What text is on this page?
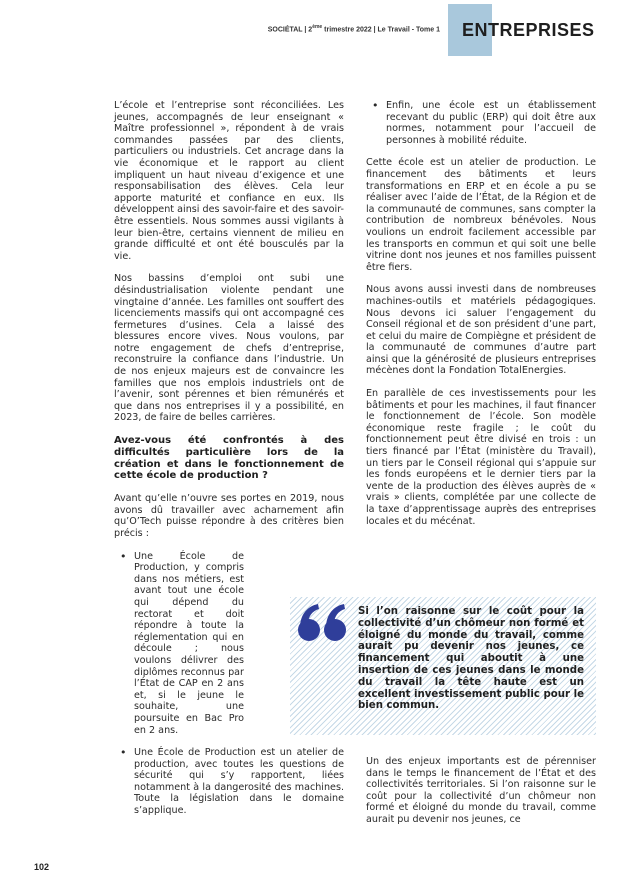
SOCIÉTAL | 2ème trimestre 2022 | Le Travail - Tome 1 ENTREPRISES

L’école et l’entreprise sont réconciliées. Les jeunes, accompagnés de leur enseignant « Maître professionnel », répondent à de vrais commandes passées par des clients, particuliers ou industriels. Cet ancrage dans la vie économique et le rapport au client impliquent un haut niveau d’exigence et une responsabilisation des élèves. Cela leur apporte maturité et confiance en eux. Ils développent ainsi des savoir-faire et des savoir-être essentiels. Nous sommes aussi vigilants à leur bien-être, certains viennent de milieu en grande difficulté et ont été bousculés par la vie.

Nos bassins d’emploi ont subi une désindustrialisation violente pendant une vingtaine d’année. Les familles ont souffert des licenciements massifs qui ont accompagné ces fermetures d’usines. Cela a laissé des blessures encore vives. Nous voulons, par notre engagement de chefs d’entreprise, reconstruire la confiance dans l’industrie. Un de nos enjeux majeurs est de convaincre les familles que nos emplois industriels ont de l’avenir, sont pérennes et bien rémunérés et que dans nos entreprises il y a possibilité, en 2023, de faire de belles carrières.

Avez-vous été confrontés à des difficultés particulière lors de la création et dans le fonctionnement de cette école de production ?

Avant qu’elle n’ouvre ses portes en 2019, nous avons dû travailler avec acharnement afin qu’O’Tech puisse répondre à des critères bien précis :

• Une École de Production, y compris dans nos métiers, est avant tout une école qui dépend du rectorat et doit répondre à toute la réglementation qui en découle ; nous voulons délivrer des diplômes reconnus par l’État de CAP en 2 ans et, si le jeune le souhaite, une poursuite en Bac Pro en 2 ans.
• Une École de Production est un atelier de production, avec toutes les questions de sécurité qui s’y rapportent, liées notamment à la dangerosité des machines. Toute la législation dans le domaine s’applique.
• Enfin, une école est un établissement recevant du public (ERP) qui doit être aux normes, notamment pour l’accueil de personnes à mobilité réduite.

Cette école est un atelier de production. Le financement des bâtiments et leurs transformations en ERP et en école a pu se réaliser avec l’aide de l’État, de la Région et de la communauté de communes, sans compter la contribution de nombreux bénévoles. Nous voulions un endroit facilement accessible par les transports en commun et qui soit une belle vitrine dont nos jeunes et nos familles puissent être fiers.

Nous avons aussi investi dans de nombreuses machines-outils et matériels pédagogiques. Nous devons ici saluer l’engagement du Conseil régional et de son président d’une part, et celui du maire de Compiègne et président de la communauté de communes d’autre part ainsi que la générosité de plusieurs entreprises mécènes dont la Fondation TotalEnergies.

En parallèle de ces investissements pour les bâtiments et pour les machines, il faut financer le fonctionnement de l’école. Son modèle économique reste fragile ; le coût du fonctionnement peut être divisé en trois : un tiers financé par l’État (ministère du Travail), un tiers par le Conseil régional qui s’appuie sur les fonds européens et le dernier tiers par la vente de la production des élèves auprès de « vrais » clients, complétée par une collecte de la taxe d’apprentissage auprès des entreprises locales et du mécénat.

Si l’on raisonne sur le coût pour la collectivité d’un chômeur non formé et éloigné du monde du travail, comme aurait pu devenir nos jeunes, ce financement qui aboutit à une insertion de ces jeunes dans le monde du travail la tête haute est un excellent investissement public pour le bien commun.

Un des enjeux importants est de pérenniser dans le temps le financement de l’État et des collectivités territoriales. Si l’on raisonne sur le coût pour la collectivité d’un chômeur non formé et éloigné du monde du travail, comme aurait pu devenir nos jeunes, ce

102
